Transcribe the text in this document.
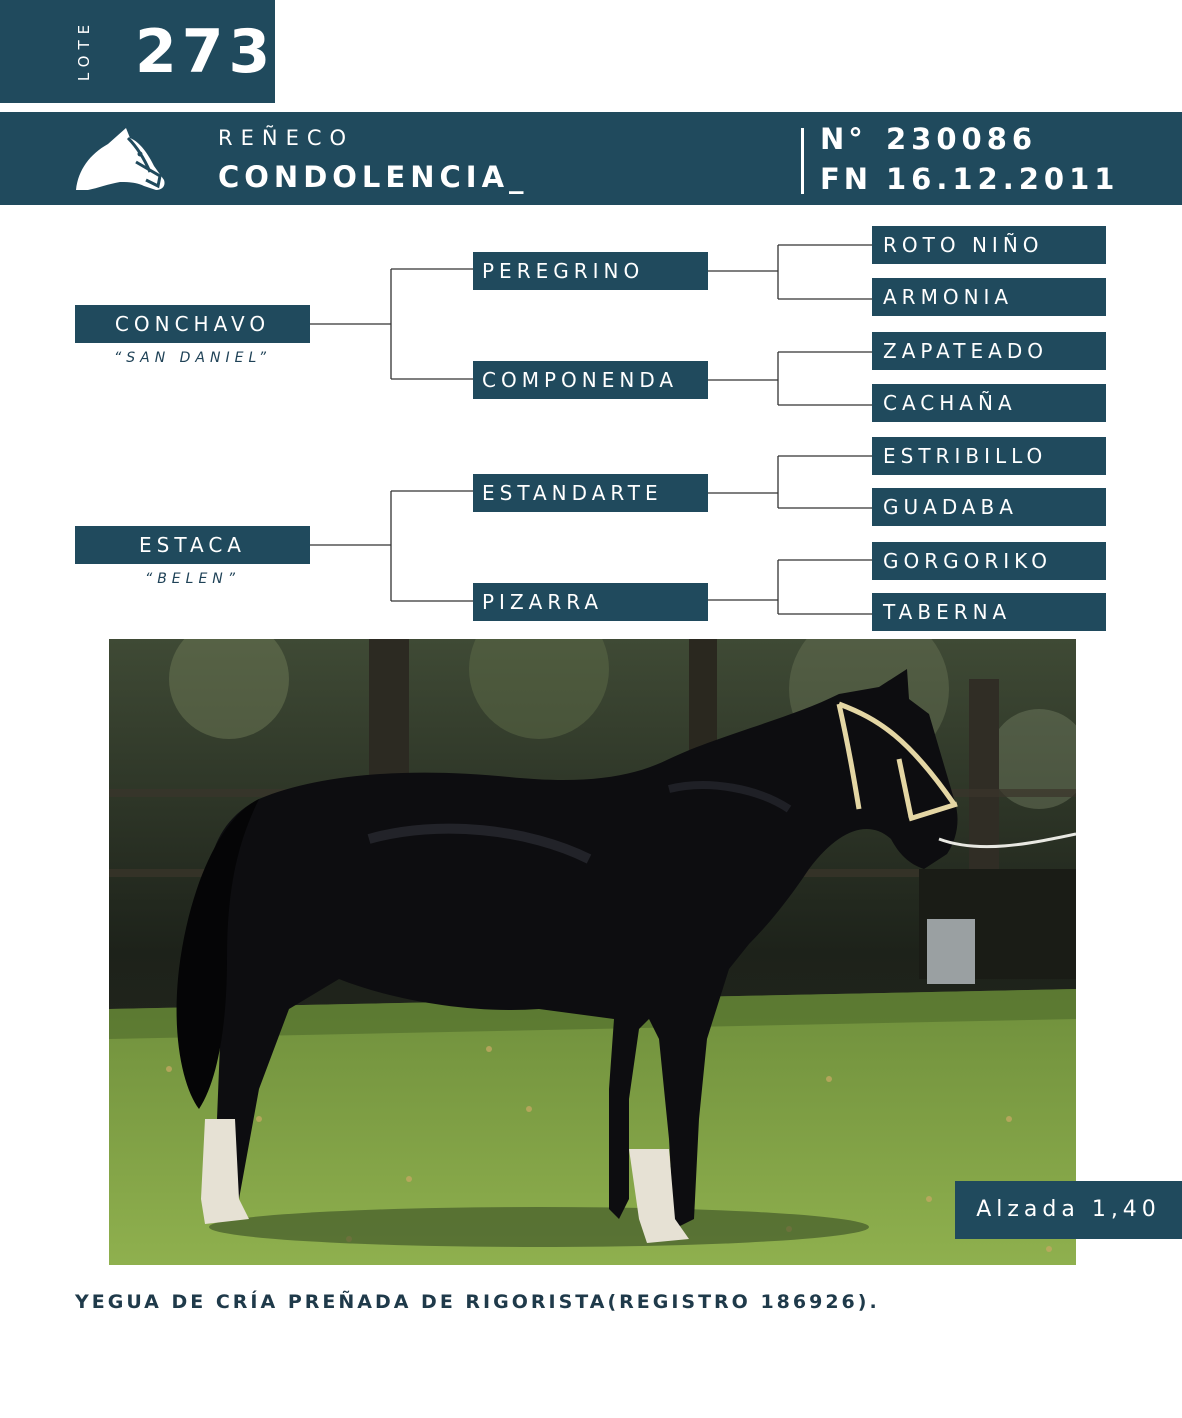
LOTE 273
REÑECO
CONDOLENCIA_
N° 230086
FN 16.12.2011
CONCHAVO
“SAN DANIEL”
ESTACA
“BELEN”
PEREGRINO
COMPONENDA
ESTANDARTE
PIZARRA
ROTO NIÑO
ARMONIA
ZAPATEADO
CACHAÑA
ESTRIBILLO
GUADABA
GORGORIKO
TABERNA
Alzada 1,40
YEGUA DE CRÍA PREÑADA DE RIGORISTA(REGISTRO 186926).
